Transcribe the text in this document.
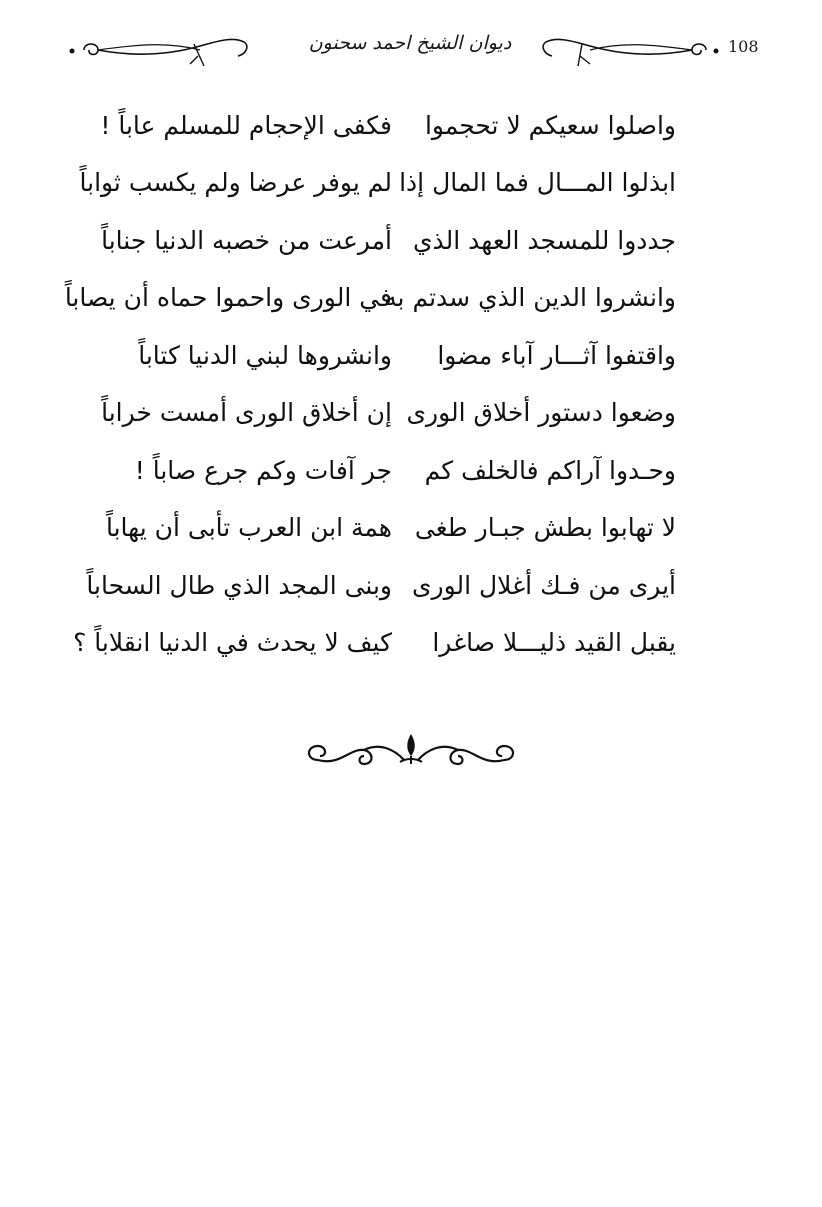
ديوان الشيخ احمد سحنون	108
واصلوا سعيكم لا تحجموا
فكفى الإحجام للمسلم عاباً !
ابذلوا المـــال فما المال إذا
لم يوفر عرضا ولم يكسب ثواباً
جددوا للمسجد العهد الذي
أمرعت من خصبه الدنيا جناباً
وانشروا الدين الذي سدتم به
في الورى واحموا حماه أن يصاباً
واقتفوا آثـــار آباء مضوا
وانشروها لبني الدنيا كتاباً
وضعوا دستور أخلاق الورى
إن أخلاق الورى أمست خراباً
وحـدوا آراكم فالخلف كم
جر آفات وكم جرع صاباً !
لا تهابوا بطش جبـار طغى
همة ابن العرب تأبى أن يهاباً
أيرى من فـك أغلال الورى
وبنى المجد الذي طال السحاباً
يقبل القيد ذليـــلا صاغرا
كيف لا يحدث في الدنيا انقلاباً ؟
